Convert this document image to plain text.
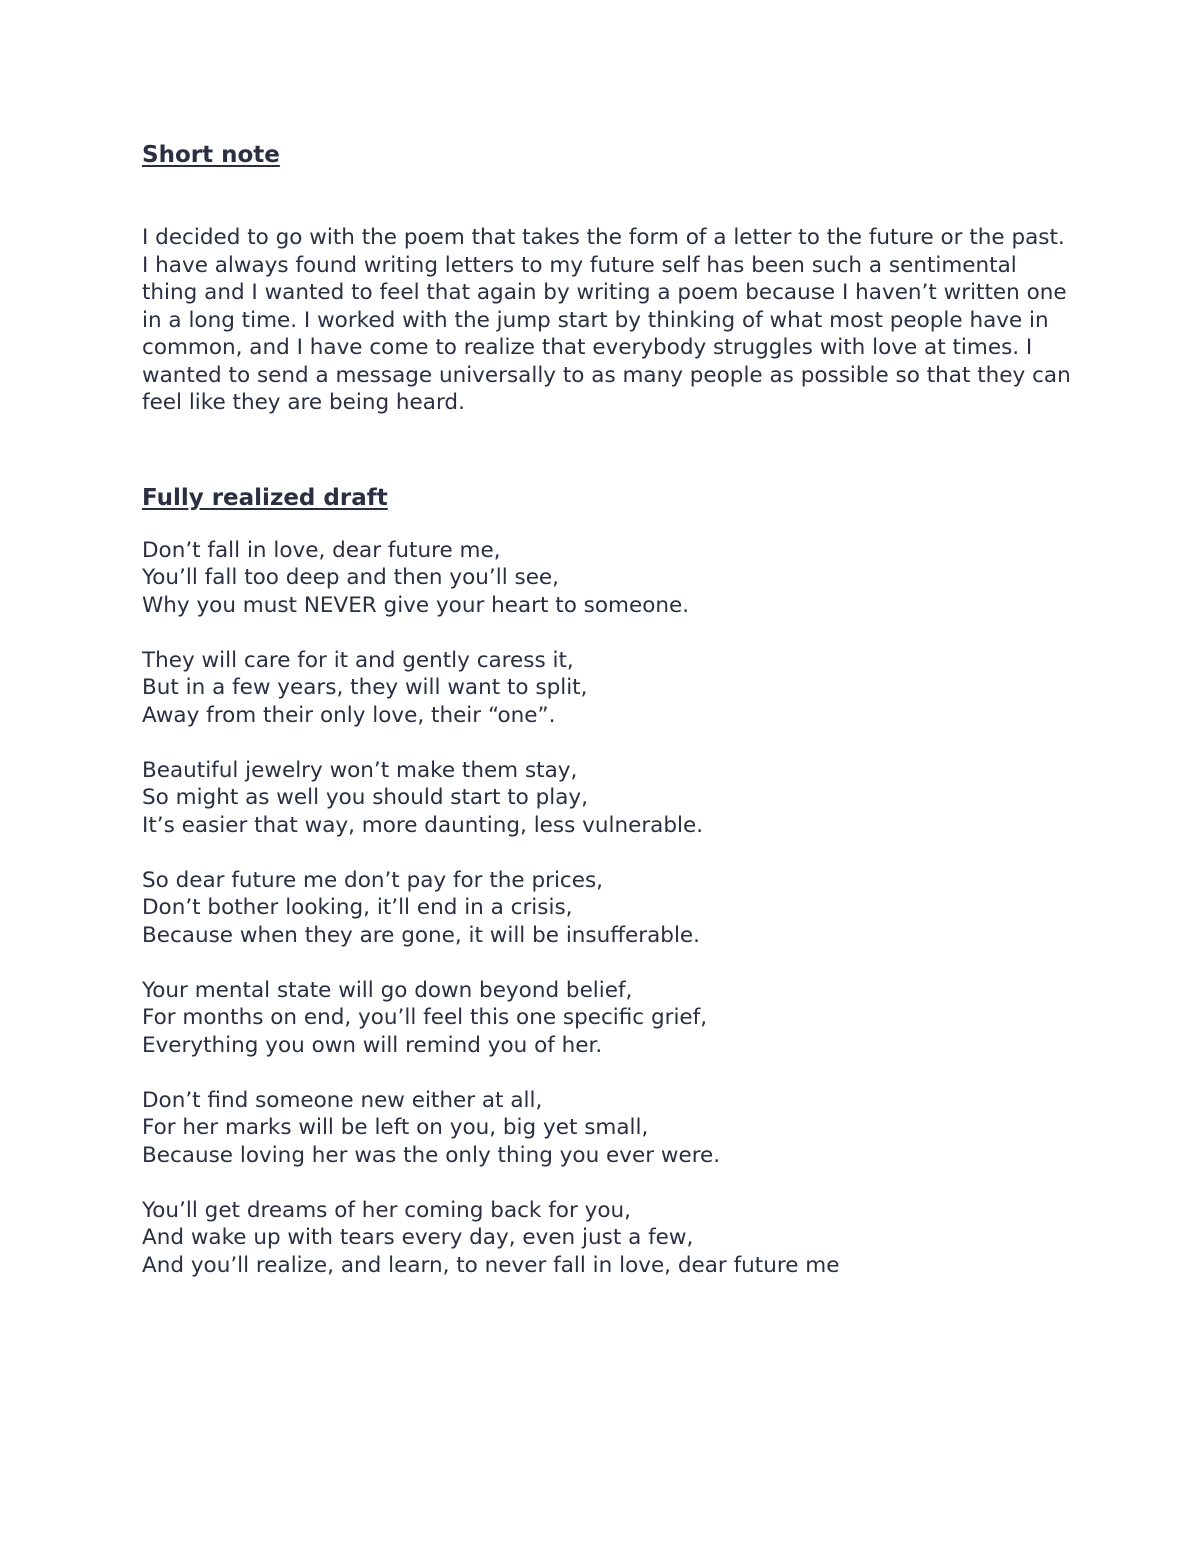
Short note

I decided to go with the poem that takes the form of a letter to the future or the past. I have always found writing letters to my future self has been such a sentimental thing and I wanted to feel that again by writing a poem because I haven’t written one in a long time. I worked with the jump start by thinking of what most people have in common, and I have come to realize that everybody struggles with love at times. I wanted to send a message universally to as many people as possible so that they can feel like they are being heard.

Fully realized draft
Don’t fall in love, dear future me,
You’ll fall too deep and then you’ll see,
Why you must NEVER give your heart to someone.
They will care for it and gently caress it,
But in a few years, they will want to split,
Away from their only love, their “one”.
Beautiful jewelry won’t make them stay,
So might as well you should start to play,
It’s easier that way, more daunting, less vulnerable.
So dear future me don’t pay for the prices,
Don’t bother looking, it’ll end in a crisis,
Because when they are gone, it will be insufferable.
Your mental state will go down beyond belief,
For months on end, you’ll feel this one specific grief,
Everything you own will remind you of her.
Don’t find someone new either at all,
For her marks will be left on you, big yet small,
Because loving her was the only thing you ever were.
You’ll get dreams of her coming back for you,
And wake up with tears every day, even just a few,
And you’ll realize, and learn, to never fall in love, dear future me
